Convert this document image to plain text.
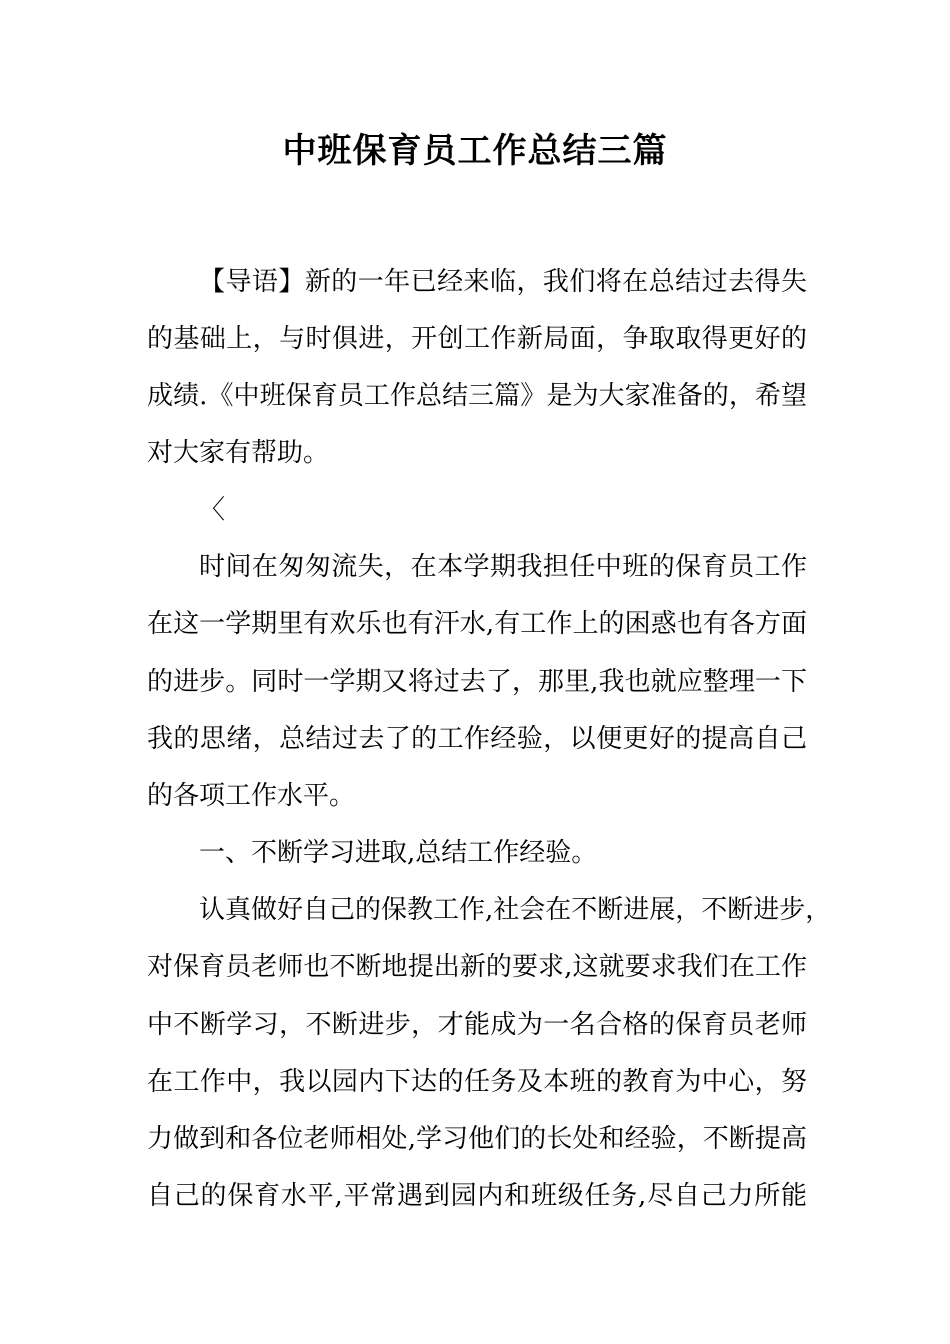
中班保育员工作总结三篇
【导语】新的一年已经来临，我们将在总结过去得失
的基础上，与时俱进，开创工作新局面，争取取得更好的
成绩.《中班保育员工作总结三篇》是为大家准备的，希望
对大家有帮助。
〈
时间在匆匆流失，在本学期我担任中班的保育员工作
在这一学期里有欢乐也有汗水,有工作上的困惑也有各方面
的进步。同时一学期又将过去了，那里,我也就应整理一下
我的思绪，总结过去了的工作经验，以便更好的提高自己
的各项工作水平。
一、不断学习进取,总结工作经验。
认真做好自己的保教工作,社会在不断进展，不断进步，
对保育员老师也不断地提出新的要求,这就要求我们在工作
中不断学习，不断进步，才能成为一名合格的保育员老师
在工作中，我以园内下达的任务及本班的教育为中心，努
力做到和各位老师相处,学习他们的长处和经验，不断提高
自己的保育水平,平常遇到园内和班级任务,尽自己力所能
